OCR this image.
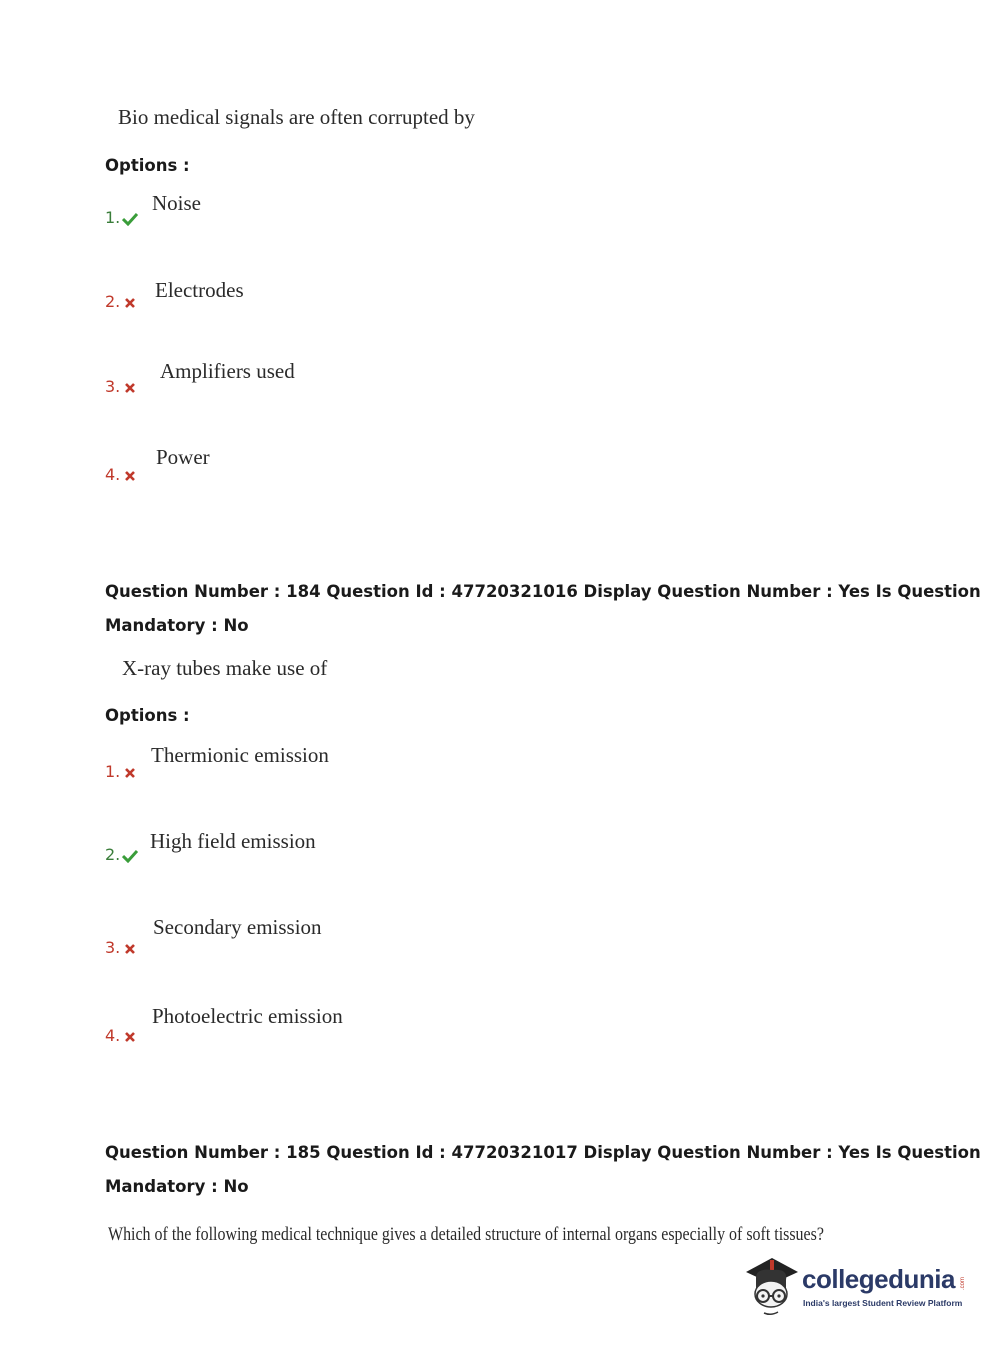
Bio medical signals are often corrupted by
Options :
1.
Noise
2.	Electrodes
3.
Amplifiers used
4.
Power
Question Number : 184 Question Id : 47720321016 Display Question Number : Yes Is Question
Mandatory : No
X-ray tubes make use of
Options :
1.
Thermionic emission
2.
High field emission
3.
Secondary emission
4.
Photoelectric emission
Question Number : 185 Question Id : 47720321017 Display Question Number : Yes Is Question
Mandatory : No
Which of the following medical technique gives a detailed structure of internal organs especially of soft tissues?
collegedunia .com
India's largest Student Review Platform
